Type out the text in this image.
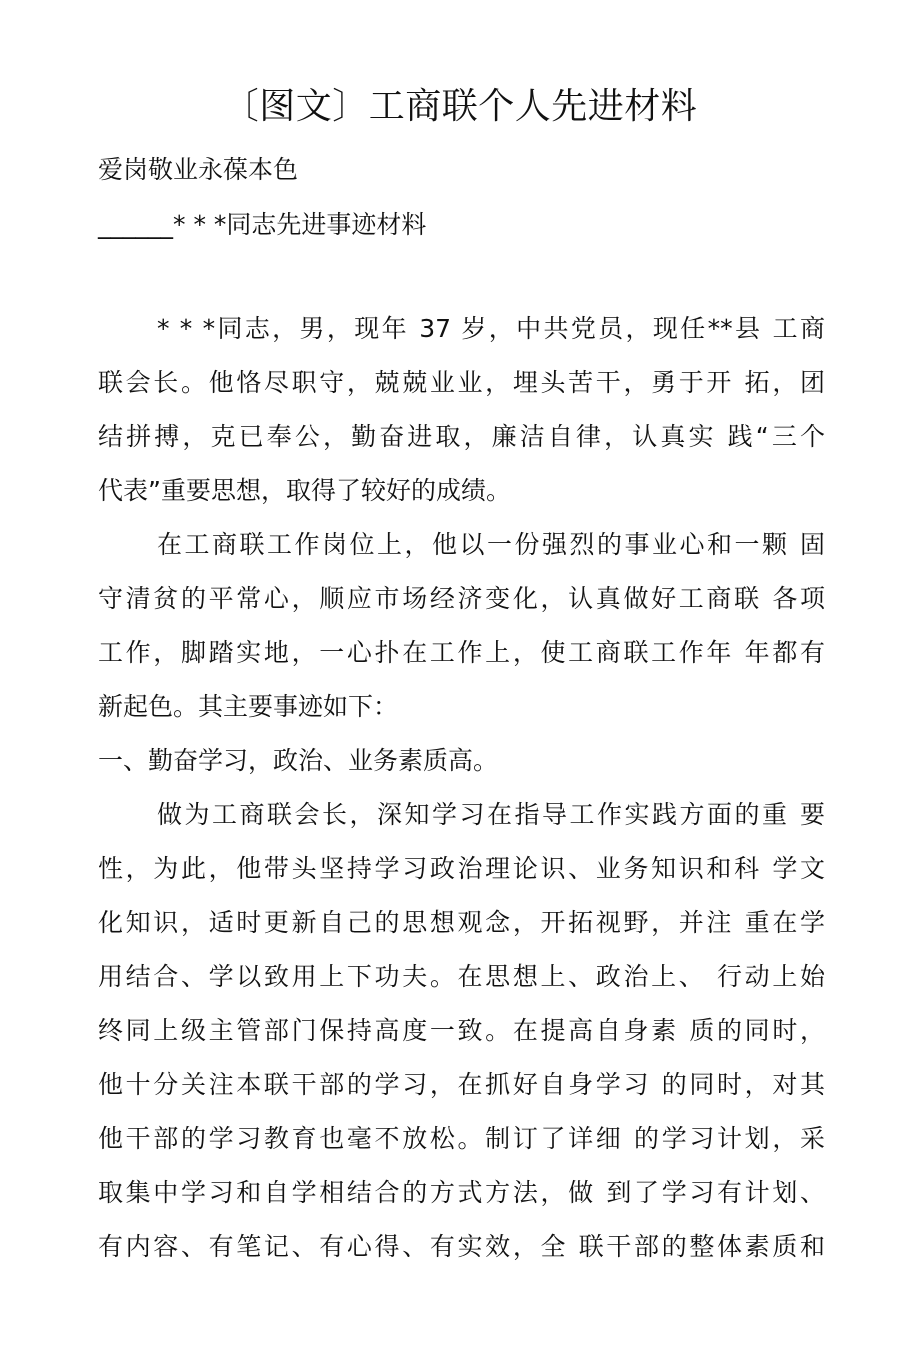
〔图文〕工商联个人先进材料
爱岗敬业永葆本色
______* * *同志先进事迹材料
* * *同志，男，现年 37 岁，中共党员，现任**县 工商
联会长。他恪尽职守，兢兢业业，埋头苦干，勇于开 拓，团
结拼搏，克已奉公，勤奋进取，廉洁自律，认真实 践“三个
代表”重要思想，取得了较好的成绩。
在工商联工作岗位上，他以一份强烈的事业心和一颗 固
守清贫的平常心，顺应市场经济变化，认真做好工商联 各项
工作，脚踏实地，一心扑在工作上，使工商联工作年 年都有
新起色。其主要事迹如下：
一、勤奋学习，政治、业务素质高。
做为工商联会长，深知学习在指导工作实践方面的重 要
性，为此，他带头坚持学习政治理论识、业务知识和科 学文
化知识，适时更新自己的思想观念，开拓视野，并注 重在学
用结合、学以致用上下功夫。在思想上、政治上、 行动上始
终同上级主管部门保持高度一致。在提高自身素 质的同时，
他十分关注本联干部的学习，在抓好自身学习 的同时，对其
他干部的学习教育也毫不放松。制订了详细 的学习计划，采
取集中学习和自学相结合的方式方法，做 到了学习有计划、
有内容、有笔记、有心得、有实效，全 联干部的整体素质和
